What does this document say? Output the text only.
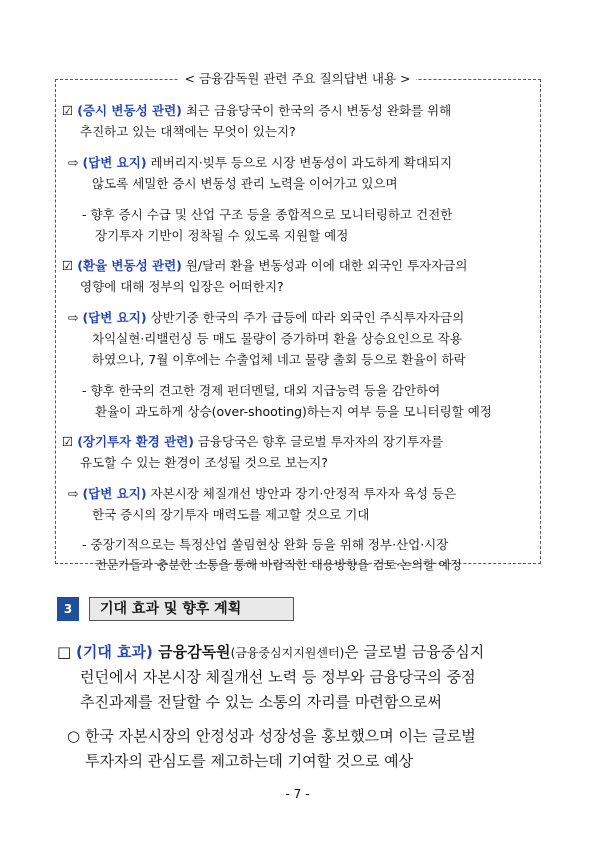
< 금융감독원 관련 주요 질의답변 내용 >
☑ (증시 변동성 관련) 최근 금융당국이 한국의 증시 변동성 완화를 위해
추진하고 있는 대책에는 무엇이 있는지?
⇨ (답변 요지) 레버리지·빚투 등으로 시장 변동성이 과도하게 확대되지
않도록 세밀한 증시 변동성 관리 노력을 이어가고 있으며
- 향후 증시 수급 및 산업 구조 등을 종합적으로 모니터링하고 건전한
장기투자 기반이 정착될 수 있도록 지원할 예정
☑ (환율 변동성 관련) 원/달러 환율 변동성과 이에 대한 외국인 투자자금의
영향에 대해 정부의 입장은 어떠한지?
⇨ (답변 요지) 상반기중 한국의 주가 급등에 따라 외국인 주식투자자금의
차익실현·리밸런싱 등 매도 물량이 증가하며 환율 상승요인으로 작용
하였으나, 7월 이후에는 수출업체 네고 물량 출회 등으로 환율이 하락
- 향후 한국의 견고한 경제 펀더멘털, 대외 지급능력 등을 감안하여
환율이 과도하게 상승(over-shooting)하는지 여부 등을 모니터링할 예정
☑ (장기투자 환경 관련) 금융당국은 향후 글로벌 투자자의 장기투자를
유도할 수 있는 환경이 조성될 것으로 보는지?
⇨ (답변 요지) 자본시장 체질개선 방안과 장기·안정적 투자자 육성 등은
한국 증시의 장기투자 매력도를 제고할 것으로 기대
- 중장기적으로는 특정산업 쏠림현상 완화 등을 위해 정부·산업·시장
전문가들과 충분한 소통을 통해 바람직한 대응방향을 검토·논의할 예정
3	기대 효과 및 향후 계획
□ (기대 효과) 금융감독원(금융중심지지원센터)은 글로벌 금융중심지
런던에서 자본시장 체질개선 노력 등 정부와 금융당국의 중점
추진과제를 전달할 수 있는 소통의 자리를 마련함으로써
○ 한국 자본시장의 안정성과 성장성을 홍보했으며 이는 글로벌
투자자의 관심도를 제고하는데 기여할 것으로 예상
- 7 -
